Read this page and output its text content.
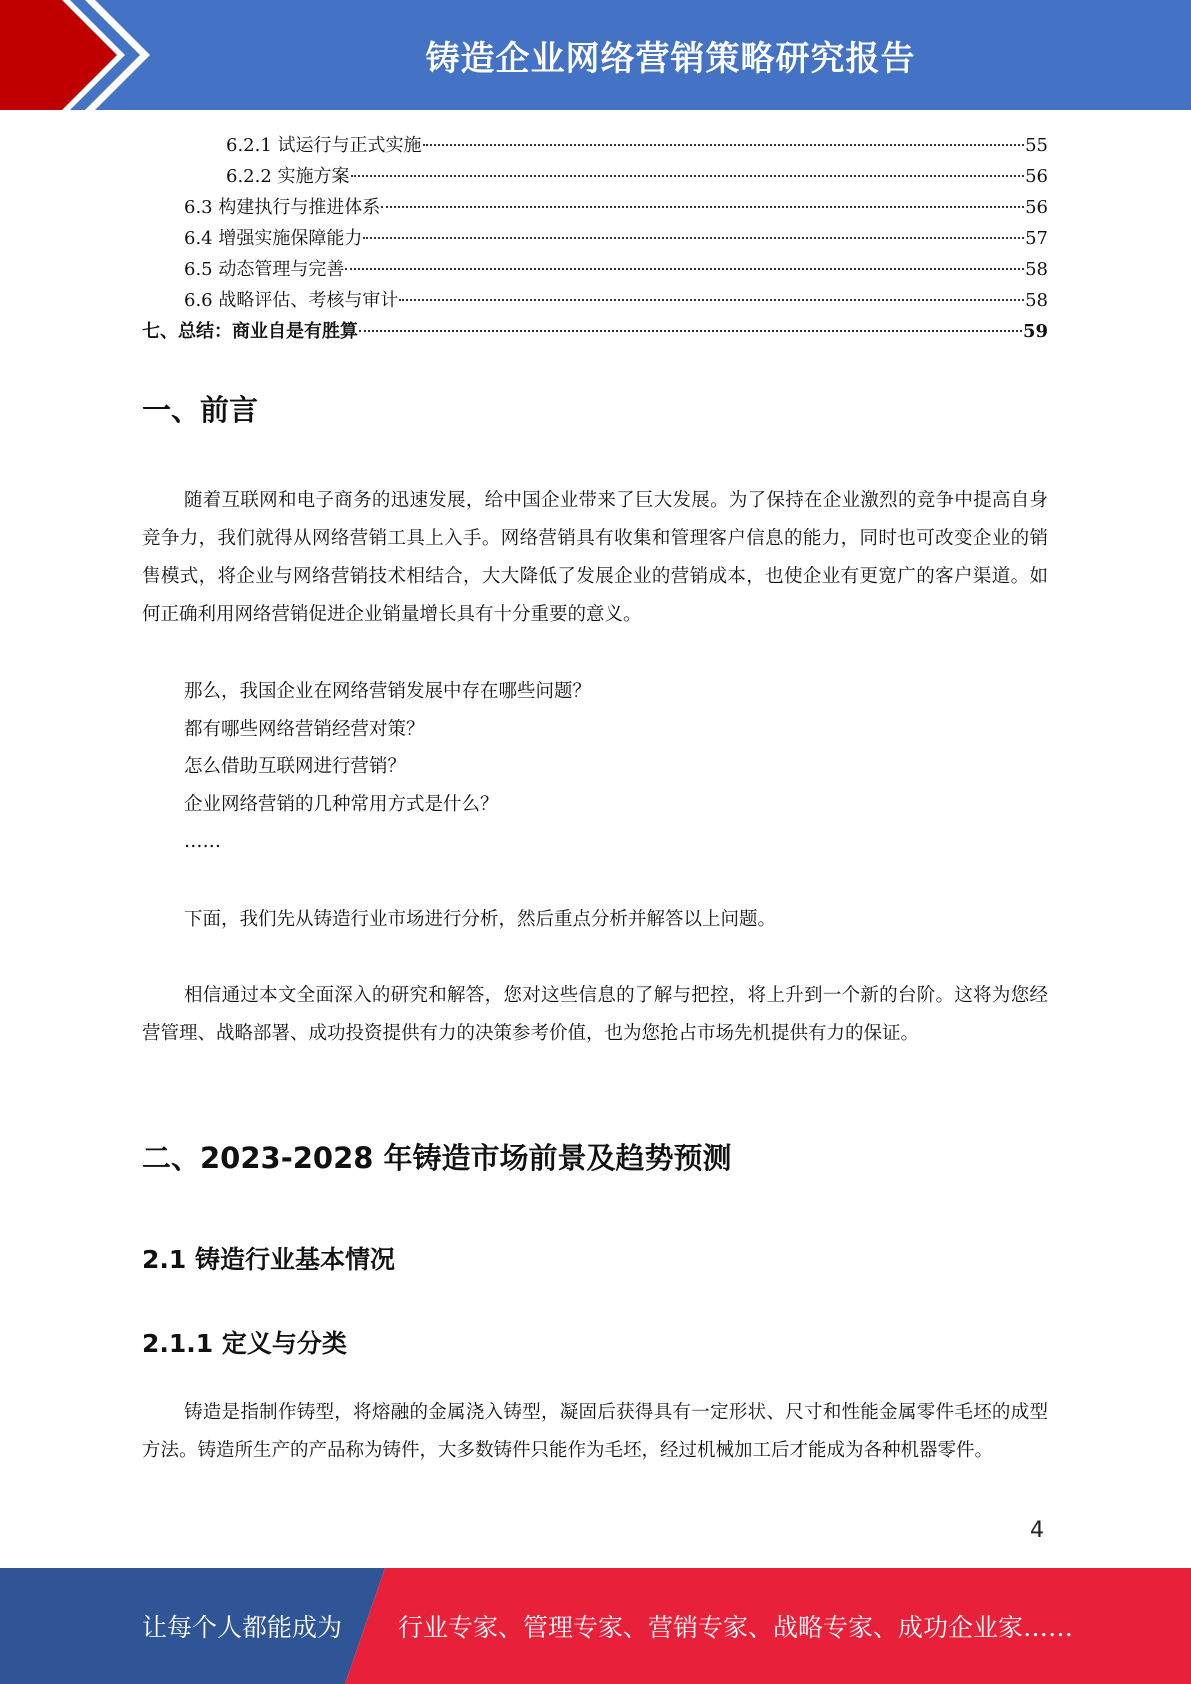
铸造企业网络营销策略研究报告
6.2.1 试运行与正式实施	55
6.2.2 实施方案	56
6.3 构建执行与推进体系	56
6.4 增强实施保障能力	57
6.5 动态管理与完善	58
6.6 战略评估、考核与审计	58
七、总结：商业自是有胜算	59
一、前言

随着互联网和电子商务的迅速发展，给中国企业带来了巨大发展。为了保持在企业激烈的竞争中提高自身竞争力，我们就得从网络营销工具上入手。网络营销具有收集和管理客户信息的能力，同时也可改变企业的销售模式，将企业与网络营销技术相结合，大大降低了发展企业的营销成本，也使企业有更宽广的客户渠道。如何正确利用网络营销促进企业销量增长具有十分重要的意义。

那么，我国企业在网络营销发展中存在哪些问题？
都有哪些网络营销经营对策？
怎么借助互联网进行营销？
企业网络营销的几种常用方式是什么？
……

下面，我们先从铸造行业市场进行分析，然后重点分析并解答以上问题。

相信通过本文全面深入的研究和解答，您对这些信息的了解与把控，将上升到一个新的台阶。这将为您经营管理、战略部署、成功投资提供有力的决策参考价值，也为您抢占市场先机提供有力的保证。

二、2023-2028 年铸造市场前景及趋势预测
2.1 铸造行业基本情况
2.1.1 定义与分类

铸造是指制作铸型，将熔融的金属浇入铸型，凝固后获得具有一定形状、尺寸和性能金属零件毛坯的成型方法。铸造所生产的产品称为铸件，大多数铸件只能作为毛坯，经过机械加工后才能成为各种机器零件。

4
让每个人都能成为 行业专家、管理专家、营销专家、战略专家、成功企业家……
